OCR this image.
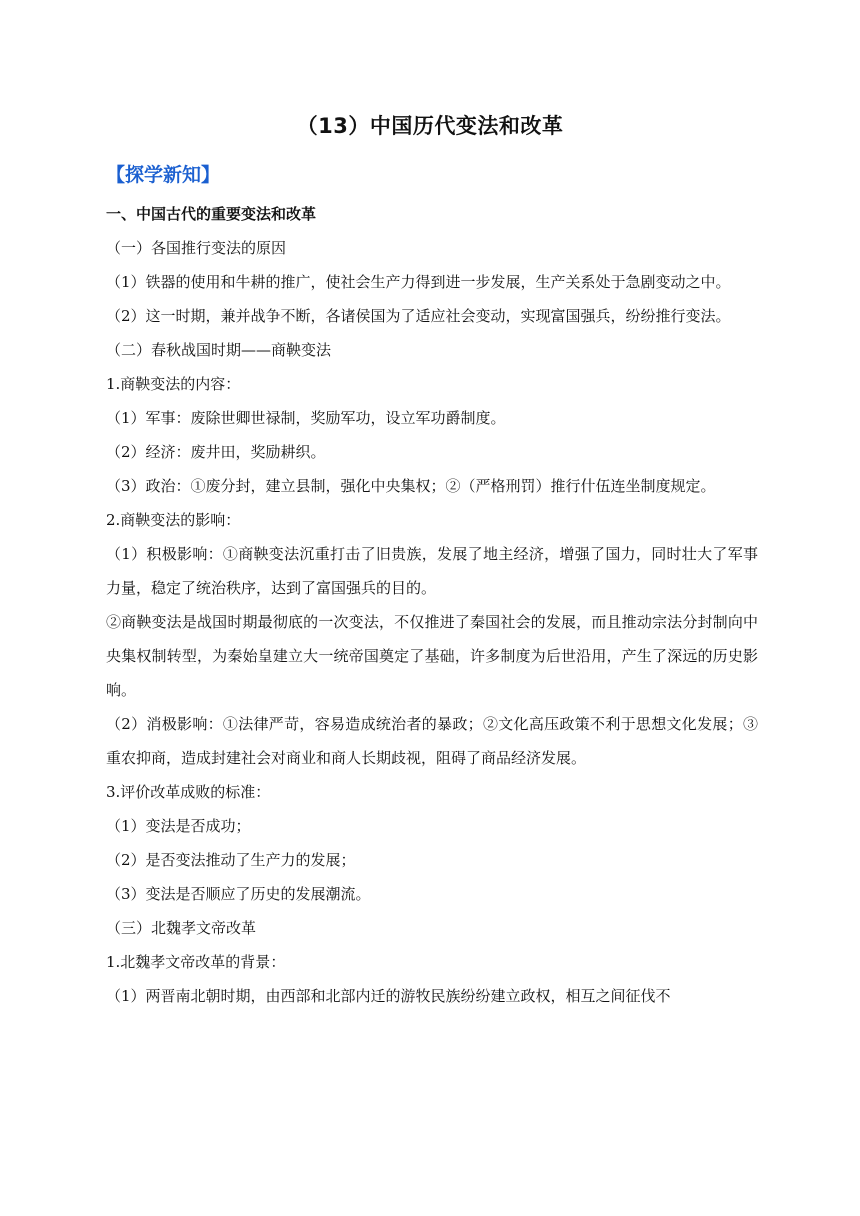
（13）中国历代变法和改革
【探学新知】
一、中国古代的重要变法和改革
（一）各国推行变法的原因
（1）铁器的使用和牛耕的推广，使社会生产力得到进一步发展，生产关系处于急剧变动之中。
（2）这一时期，兼并战争不断，各诸侯国为了适应社会变动，实现富国强兵，纷纷推行变法。
（二）春秋战国时期——商鞅变法
1.商鞅变法的内容：
（1）军事：废除世卿世禄制，奖励军功，设立军功爵制度。
（2）经济：废井田，奖励耕织。
（3）政治：①废分封，建立县制，强化中央集权；②（严格刑罚）推行什伍连坐制度规定。
2.商鞅变法的影响：
（1）积极影响：①商鞅变法沉重打击了旧贵族，发展了地主经济，增强了国力，同时壮大了军事力量，稳定了统治秩序，达到了富国强兵的目的。
②商鞅变法是战国时期最彻底的一次变法，不仅推进了秦国社会的发展，而且推动宗法分封制向中央集权制转型，为秦始皇建立大一统帝国奠定了基础，许多制度为后世沿用，产生了深远的历史影响。
（2）消极影响：①法律严苛，容易造成统治者的暴政；②文化高压政策不利于思想文化发展；③重农抑商，造成封建社会对商业和商人长期歧视，阻碍了商品经济发展。
3.评价改革成败的标准：
（1）变法是否成功；
（2）是否变法推动了生产力的发展；
（3）变法是否顺应了历史的发展潮流。
（三）北魏孝文帝改革
1.北魏孝文帝改革的背景：
（1）两晋南北朝时期，由西部和北部内迁的游牧民族纷纷建立政权，相互之间征伐不
